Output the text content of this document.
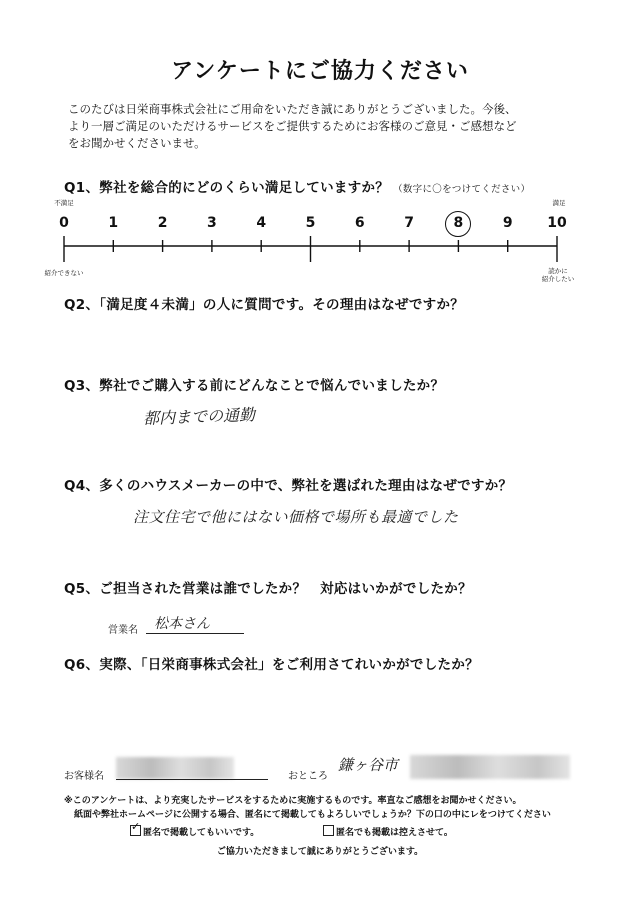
アンケートにご協力ください
このたびは日栄商事株式会社にご用命をいただき誠にありがとうございました。今後、
より一層ご満足のいただけるサービスをご提供するためにお客様のご意見・ご感想など
をお聞かせくださいませ。
Q1、弊社を総合的にどのくらい満足していますか？ （数字に〇をつけてください）
不満足	満足
0	1	2	3	4	5	6	7	8	9 10
紹介できない	読かに
紹介したい
Q2、「満足度４未満」の人に質問です。その理由はなぜですか？
Q3、弊社でご購入する前にどんなことで悩んでいましたか？
都内までの通勤
Q4、多くのハウスメーカーの中で、弊社を選ばれた理由はなぜですか？
注文住宅で他にはない価格で場所も最適でした
Q5、ご担当された営業は誰でしたか？　対応はいかがでしたか？
営業名 松本さん
Q6、実際、「日栄商事株式会社」をご利用さてれいかがでしたか？
お客様名	おところ
鎌ヶ谷市
※このアンケートは、より充実したサービスをするために実施するものです。率直なご感想をお聞かせください。
紙面や弊社ホームページに公開する場合、匿名にて掲載してもよろしいでしょうか？下の口の中にレをつけてください
✓ 匿名で掲載してもいいです。	匿名でも掲載は控えさせて。
ご協力いただきまして誠にありがとうございます。
